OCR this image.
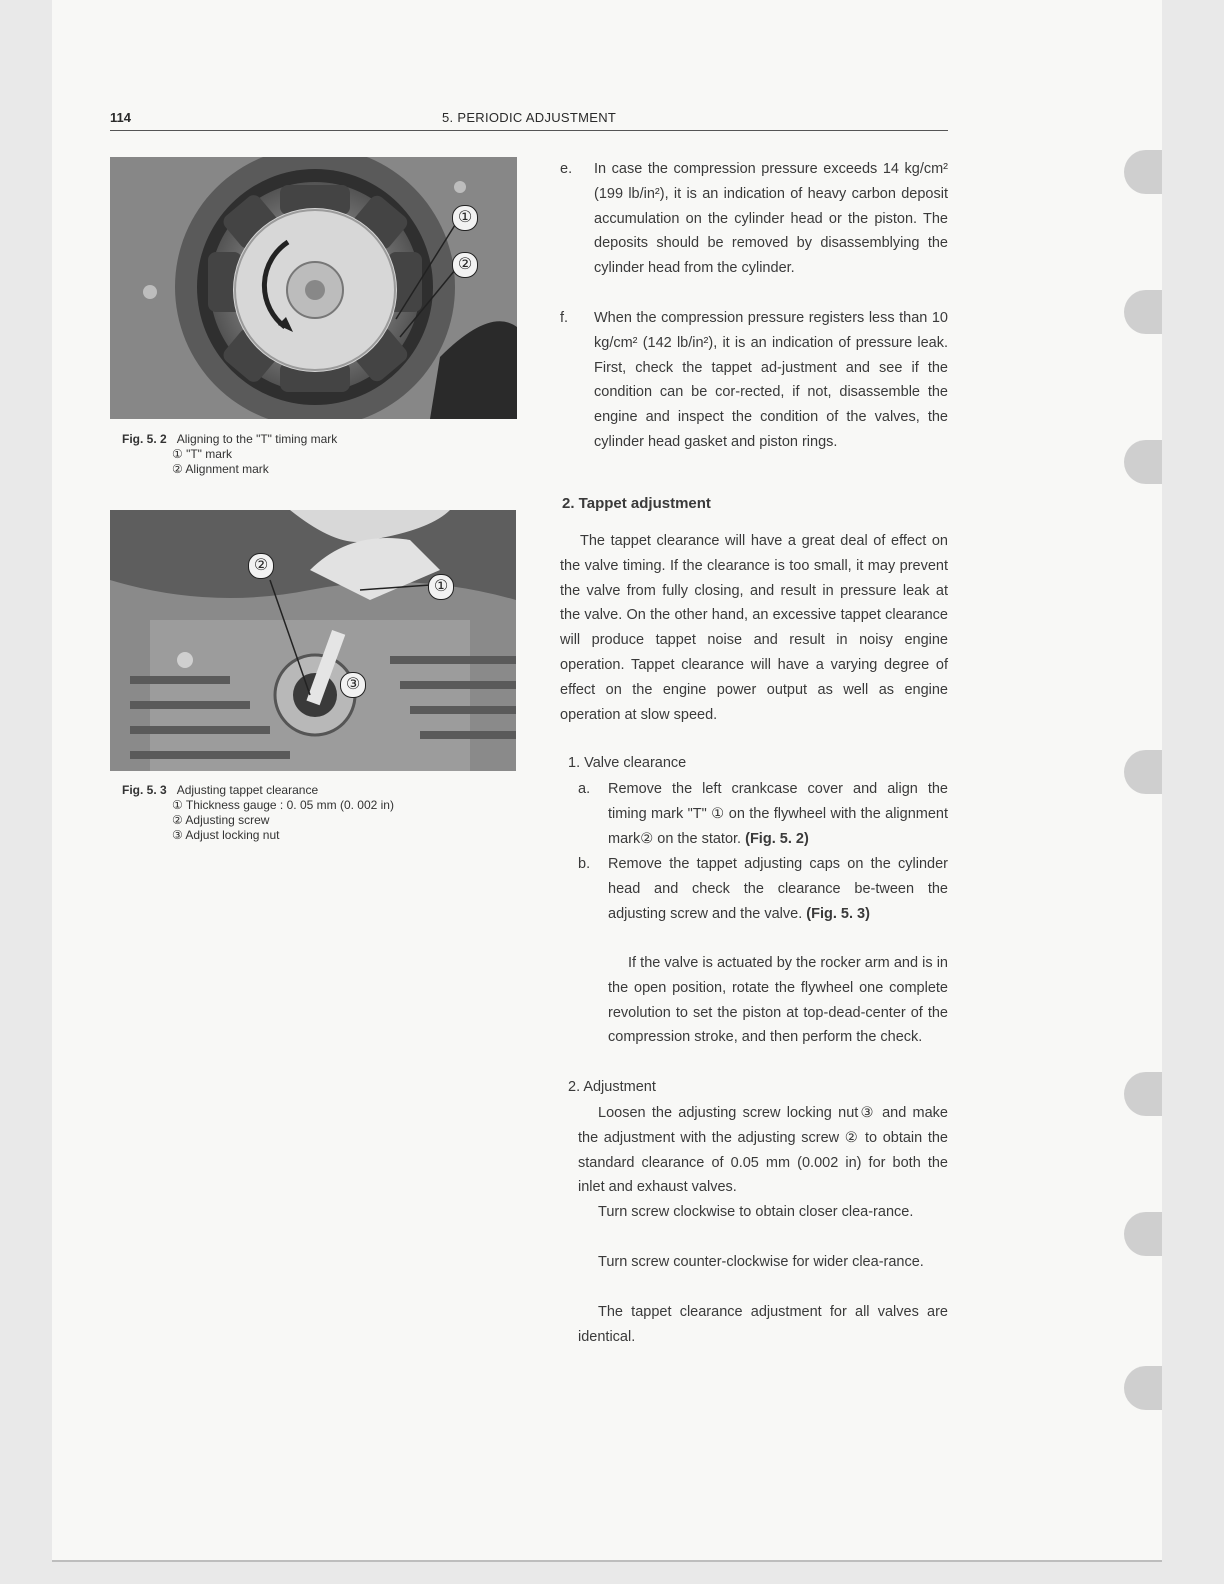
114	5. PERIODIC ADJUSTMENT
①
②
Fig. 5. 2 Aligning to the "T" timing mark
① "T" mark
② Alignment mark
①
②
③
Fig. 5. 3 Adjusting tappet clearance
① Thickness gauge : 0. 05 mm (0. 002 in)
② Adjusting screw
③ Adjust locking nut
e.	In case the compression pressure exceeds 14 kg/cm² (199 lb/in²), it is an indication of heavy carbon deposit accumulation on the cylinder head or the piston. The deposits should be removed by disassemblying the cylinder head from the cylinder.
f.	When the compression pressure registers less than 10 kg/cm² (142 lb/in²), it is an indication of pressure leak. First, check the tappet ad-justment and see if the condition can be cor-rected, if not, disassemble the engine and inspect the condition of the valves, the cylinder head gasket and piston rings.
2. Tappet adjustment

The tappet clearance will have a great deal of effect on the valve timing. If the clearance is too small, it may prevent the valve from fully closing, and result in pressure leak at the valve. On the other hand, an excessive tappet clearance will produce tappet noise and result in noisy engine operation. Tappet clearance will have a varying degree of effect on the engine power output as well as engine operation at slow speed.

1. Valve clearance
a.	Remove the left crankcase cover and align the timing mark "T" ① on the flywheel with the alignment mark② on the stator. (Fig. 5. 2)
b.	Remove the tappet adjusting caps on the cylinder head and check the clearance be-tween the adjusting screw and the valve. (Fig. 5. 3)

If the valve is actuated by the rocker arm and is in the open position, rotate the flywheel one complete revolution to set the piston at top-dead-center of the compression stroke, and then perform the check.

2. Adjustment

Loosen the adjusting screw locking nut③ and make the adjustment with the adjusting screw ② to obtain the standard clearance of 0.05 mm (0.002 in) for both the inlet and exhaust valves.

Turn screw clockwise to obtain closer clea-rance.

Turn screw counter-clockwise for wider clea-rance.

The tappet clearance adjustment for all valves are identical.
